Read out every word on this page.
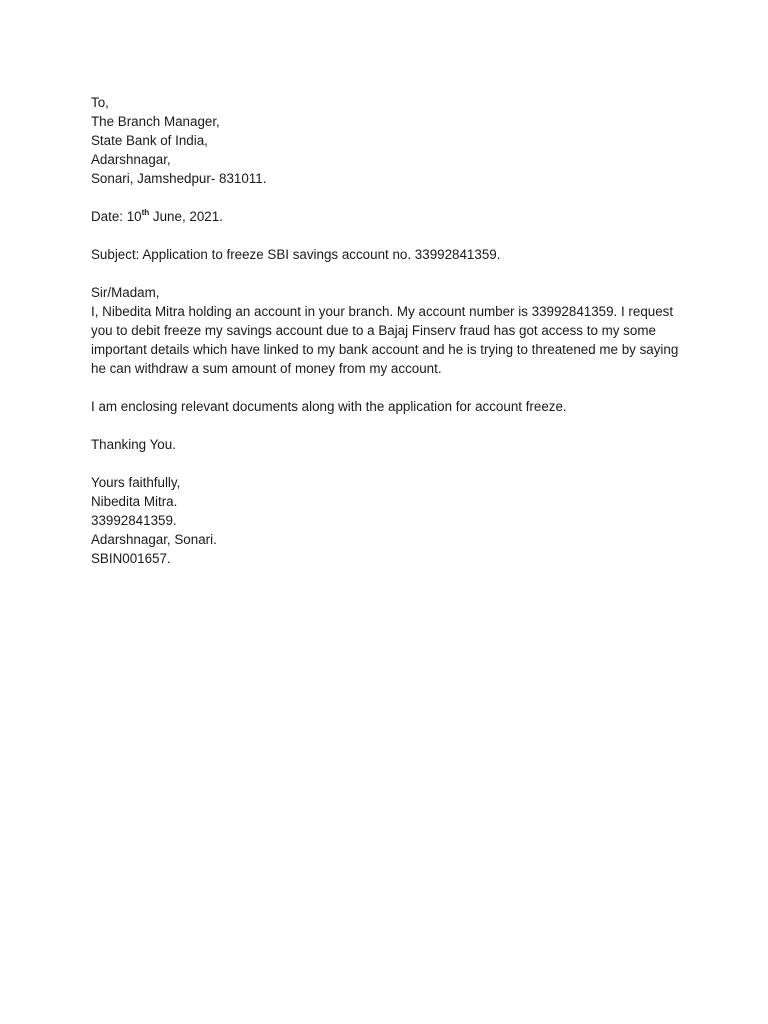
To,
The Branch Manager,
State Bank of India,
Adarshnagar,
Sonari, Jamshedpur- 831011.
Date: 10th June, 2021.
Subject: Application to freeze SBI savings account no. 33992841359.
Sir/Madam,
I, Nibedita Mitra holding an account in your branch. My account number is 33992841359. I request you to debit freeze my savings account due to a Bajaj Finserv fraud has got access to my some important details which have linked to my bank account and he is trying to threatened me by saying he can withdraw a sum amount of money from my account.
I am enclosing relevant documents along with the application for account freeze.
Thanking You.
Yours faithfully,
Nibedita Mitra.
33992841359.
Adarshnagar, Sonari.
SBIN001657.
